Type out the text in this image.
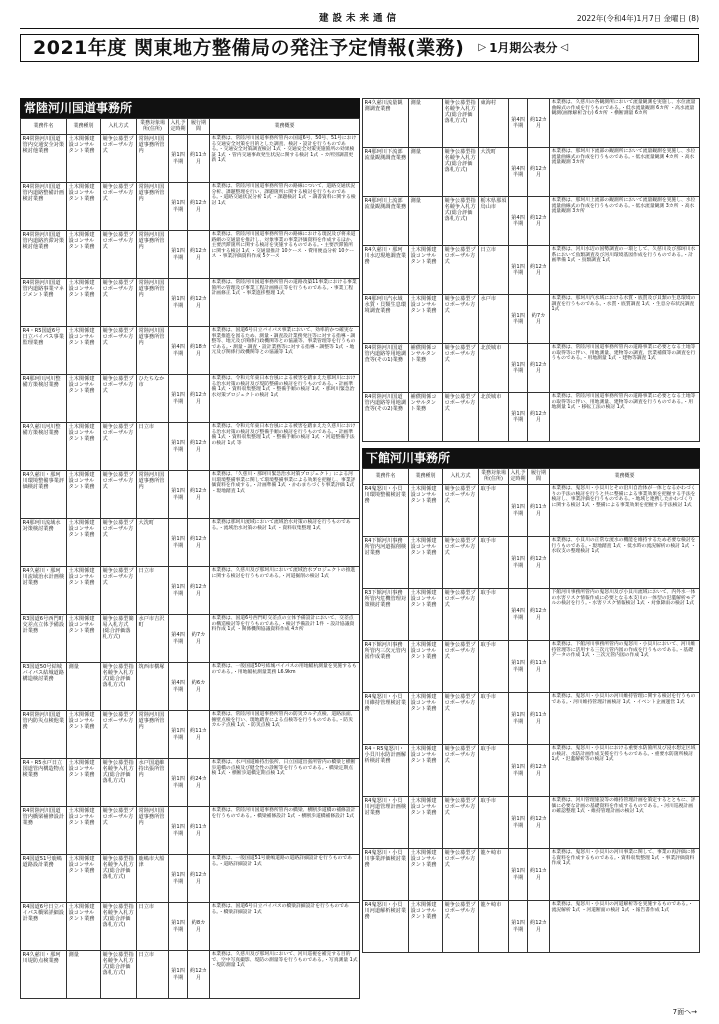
建設未来通信	2022年(令和4年)1月7日 金曜日 (8)
2021年度 関東地方整備局の発注予定情報(業務) ▷ 1月期公表分 ◁
常陸河川国道事務所
業務件名	業務種別	入札方式	業務対象場所(住所)	入札予定時期	履行期間	業務概要
R4常陸河川国道管内交通安全対策検討他業務	土木関係建設コンサルタント業務	競争公募型プロポーザル方式	常陸河川国道事務所管内	第1四半期	約11カ月	本業務は、常陸河川国道事務所管内の国道6号、50号、51号における交通安全対策を目的とした調査、検討・設計を行うものである。・交通安全対策調査検討 1式 ・交通安全対策実施箇所の効果検証 1式 ・管内交通事故発生状況に関する検討 1式 ・カ所別調書更新 1式
R4常陸河川国道管内道路整備計画検討業務	土木関係建設コンサルタント業務	競争公募型プロポーザル方式	常陸河川国道事務所管内	第1四半期	約12カ月	本業務は、常陸河川国道事務所管内の路線について、道路交通状況分析、課題整理を行い、課題箇所に関する検討を行うものである。・道路交通状況分析 1式 ・課題検討 1式 ・調書資料に関する検討 1式
R4常陸河川国道管内道路渋滞対策検討他業務	土木関係建設コンサルタント業務	競争公募型プロポーザル方式	常陸河川国道事務所管内	第1四半期	約12カ月	本業務は、常陸河川国道事務所管内の路線における現況及び将来道路網の交通量を推計し、対象事業の事業評価資料を作成するほか、主要渋滞箇所に関する検討を実施するものである。・主要渋滞箇所に関する検討 1式 ・交通量推計 10ケース ・費用便益分析 10ケース ・事業評価資料作成 5ケース
R4常陸河川国道管内道路事業マネジメント業務	土木関係建設コンサルタント業務	競争公募型プロポーザル方式	常陸河川国道事務所管内	第1四半期	約12カ月	本業務は、常陸河川国道事務所管内の道路改築11事業における事業箇所の管理及び事業工程計画修正等を行うものである。・事業工程計画修正 1式 ・事業進捗整理 1式
R4・R5国道6号日立バイパス事業監理業務	土木関係建設コンサルタント業務	競争公募型プロポーザル方式	常陸河川国道事務所管内	第4四半期	約18カ月	本業務は、国道6号日立バイパス事業において、効率的かつ確実な事業推進を図るため、測量・調査設計業務発注等に対する指導・調整等、地元及び関係行政機関等との協議等、事業管理等を行うものである。・測量・調査・設計業務等に対する指導・調整等 1式 ・地元及び関係行政機関等との協議等 1式
R4那珂川河川整備方策検討業務	土木関係建設コンサルタント業務	競争公募型プロポーザル方式	ひたちなか市	第1四半期	約12カ月	本業務は、令和元年東日本台風による被害を踏まえた那珂川における治水対策の検討及び堤防整備の検討を行うものである。・計画準備 1式 ・資料収集整理 1式 ・整備手順の検討 1式 ・那珂川緊急治水対策プロジェクトの検討 1式
R4久慈川河川整備方策検討業務	土木関係建設コンサルタント業務	競争公募型プロポーザル方式	日立市	第1四半期	約12カ月	本業務は、令和元年東日本台風による被害を踏まえた久慈川における治水対策の検討及び整備手順の検討を行うものである。・計画準備 1式 ・資料収集整理 1式 ・整備手順の検討 1式 ・河道整備手法の検討 1式 等
R4久慈川・那珂川環境整備事業評価検討業務	土木関係建設コンサルタント業務	競争公募型プロポーザル方式	常陸河川国道事務所管内	第1四半期	約12カ月	本業務は、「久慈川・那珂川緊急治水対策プロジェクト」による河川環境整備事業に関して環境整備事業による効果を把握し、事業評価資料を作成する。・計画準備 1式 ・かわまちづくり事業評価 1式 ・現地踏査 1式
R4那珂川流域水対策検討業務	土木関係建設コンサルタント業務	競争公募型プロポーザル方式	大洗町	第1四半期	約12カ月	本業務は那珂川流域において流域治水対策の検討を行うものである。・流域治水対策の検討 1式 ・資料収集整理 1式
R4久慈川・那珂川流域治水計画検討業務	土木関係建設コンサルタント業務	競争公募型プロポーザル方式	日立市	第1四半期	約12カ月	本業務は、久慈川及び那珂川において流域治水プロジェクトの推進に関する検討を行うものである。・河道掘削の検討 1式
R3国道6号西門町交差点立体予備設計業務	土木関係建設コンサルタント業務	競争公募型簡易入札方式(総合評価落札方式)	水戸市吉沢町	第4四半期	約7カ月	本業務は、国道6号西門町交差点の立体予備設計において、交差点の構造検討等を行うものである。・検討予備設計 1件 ・設計協議資料作成 1式 ・関係機関協議資料作成 4カ所
R3国道50号結城バイパス結城道路構造検討業務	測量	競争公募型指名競争入札方式(総合評価落札方式)	筑西市横塚	第4四半期	約6カ月	本業務は、一般国道50号結城バイパスの用地幅杭測量を実施するものである。・用地幅杭測量業務 L6.9km
R4常陸河川国道管内防災点検他業務	土木関係建設コンサルタント業務	競争公募型プロポーザル方式	常陸河川国道事務所管内	第1四半期	約11カ月	本業務は、常陸河川国道事務所管内の防災カルテ点検、道路法面、擁壁点検を行い、現地踏査による点検等を行うものである。・防災カルテ点検 1式 ・防災点検 1式
R4・R5水戸日立国道管内構造物点検業務	土木関係建設コンサルタント業務	競争公募型指名競争入札方式(総合評価落札方式)	水戸国道維持出張所管内	第1四半期	約24カ月	本業務は、水戸国道維持出張所、日立国道出張所管内の橋梁と横断歩道橋の点検及び健全性の診断等を行うものである。・橋梁定期点検 1式 ・横断歩道橋定期点検 1式
R4常陸河川国道管内橋梁補修設計業務	土木関係建設コンサルタント業務	競争公募型プロポーザル方式	常陸河川国道事務所管内	第1四半期	約11カ月	本業務は、常陸河川国道事務所管内の橋梁、横断歩道橋の補修設計を行うものである。・橋梁補修設計 1式 ・横断歩道橋補修設計 1式
R4国道51号鹿嶋道路設計業務	土木関係建設コンサルタント業務	競争公募型指名競争入札方式(総合評価落札方式)	鹿嶋市大船津	第1四半期	約12カ月	本業務は、一般国道51号鹿嶋道路の道路詳細設計を行うものである。・道路詳細設計 1式
R4国道6号日立バイパス橋梁詳細設計業務	土木関係建設コンサルタント業務	競争公募型指名競争入札方式(総合評価落札方式)	日立市	第1四半期	約8カ月	本業務は、国道6号日立バイパスの橋梁詳細設計を行うものである。・橋梁詳細設計 1式
R4久慈川・那珂川堤防点検業務	測量	競争公募型指名競争入札方式(総合評価落札方式)	日立市	第1四半期	約12カ月	本業務は、久慈川及び那珂川において、河川巡視を補完する目的で、空中写真撮影、堤防の測量等を行うものである。・写真測量 1式 ・堤防測量 1式
R4久慈川流量観測調査業務	測量	競争公募型指名競争入札方式(総合評価落札方式)	東海村	第4四半期	約12カ月	本業務は、久慈川の各観測所において流量観測を実施し、水位流量曲線式の作成を行うものである。・低水流量観測 6カ所 ・高水流量観測(画像解析含む) 6カ所 ・横断測量 6カ所
R4那珂川下流部流量観測調査業務	測量	競争公募型指名競争入札方式(総合評価落札方式)	大洗町	第4四半期	約12カ月	本業務は、那珂川下流部の観測所において流量観測を実施し、水位流量曲線式の作成を行うものである。・低水流量観測 4カ所 ・高水流量観測 3カ所
R4那珂川上流部流量観測調査業務	測量	競争公募型指名競争入札方式(総合評価落札方式)	栃木県那須烏山市	第4四半期	約12カ月	本業務は、那珂川上流部の観測所において流量観測を実施し、水位流量曲線式の作成を行うものである。・低水流量観測 3カ所 ・高水流量観測 3カ所
R4久慈川・那珂川水辺現地調査業務	土木関係建設コンサルタント業務	競争公募型プロポーザル方式	日立市	第1四半期	約12カ月	本業務は、河川水辺の国勢調査の一環として、久慈川及び那珂川水系において魚類調査及び河川環境基図作成を行うものである。・計画準備 1式 ・鳥類調査 1式
R4那珂川汽水域水質・貝類生息環境調査業務	土木関係建設コンサルタント業務	競争公募型プロポーザル方式	水戸市	第1四半期	約7カ月	本業務は、那珂川汽水域における水質・底質及び貝類の生息環境の調査を行うものである。・水質・底質調査 1式 ・生息分布状況調査 1式
R4常陸河川国道管内道路等用地調査等(その1)業務	補償関係コンサルタント業務	競争公募型プロポーザル方式	北茨城市	第1四半期	約12カ月	本業務は、常陸河川国道事務所管内の道路事業に必要となる土地等の取得等に伴い、用地測量、建物等の調査、営業補償等の調査を行うものである。・用地測量 1式 ・建物等調査 1式
R4常陸河川国道管内道路等用地調査等(その2)業務	補償関係コンサルタント業務	競争公募型プロポーザル方式	北茨城市	第1四半期	約12カ月	本業務は、常陸河川国道事務所管内の道路事業に必要となる土地等の取得等に伴い、用地測量、建物等の調査を行うものである。・用地測量 1式 ・移転工法の検討 1式
下館河川事務所
業務件名	業務種別	入札方式	業務対象場所(住所)	入札予定時期	履行期間	業務概要
R4鬼怒川・小貝川環境整備検討業務	土木関係建設コンサルタント業務	競争公募型プロポーザル方式	取手市	第1四半期	約11カ月	本業務は、鬼怒川・小貝川とその沿川自治体が一体となるかわづくりの手法の検討を行うと共に整備による事業効果を把握する手法を検討し、事業評価を行うものである。・地域と連携したかわづくりに関する検討 1式 ・整備による事業効果を把握する手法検討 1式
R4下館河川事務所管内河道掘削検討業務	土木関係建設コンサルタント業務	競争公募型プロポーザル方式	取手市	第1四半期	約12カ月	本業務は、小貝川の正常な流水の機能を維持するため必要な検討を行うものである。・現地踏査 1式 ・低水時の流況解析の検討 1式 ・水収支の整理検討 1式
R3下館河川事務所管内危機管理対策検討業務	土木関係建設コンサルタント業務	競争公募型プロポーザル方式	取手市	第4四半期	約12カ月	下館河川事務所管内の鬼怒川及び小貝川流域において、内外水一体の水害リスク情報作成に必要となる本支川の一体型の氾濫解析モデルの検討を行う。・水害リスク情報検討 1式 ・対象降雨の検討 1式
R4下館河川事務所管内三次元管内図作成業務	土木関係建設コンサルタント業務	競争公募型プロポーザル方式	取手市	第1四半期	約11カ月	本業務は、下館河川事務所管内の鬼怒川・小貝川において、河川維持管理等に活用する三次元管内図の作成を行うものである。・基礎データの作成 1式 ・三次元管内図の作成 1式
R4鬼怒川・小貝川維持管理検討業務	土木関係建設コンサルタント業務	競争公募型プロポーザル方式	取手市	第1四半期	約11カ月	本業務は、鬼怒川・小貝川の河川維持管理に関する検討を行うものである。・河川維持管理計画検討 1式 ・イベント企画運営 1式
R4・R5鬼怒川・小貝川水防計画解析検討業務	土木関係建設コンサルタント業務	競争公募型プロポーザル方式	取手市	第1四半期	約12カ月	本業務は、鬼怒川・小貝川における重要水防箇所及び浸水想定区域の検討、水防計画作成支援を行うものである。・重要水防箇所検討 1式 ・氾濫解析等の検討 1式
R4鬼怒川・小貝川河道管理計画検討業務	土木関係建設コンサルタント業務	競争公募型プロポーザル方式	取手市	第1四半期	約12カ月	本業務は、河川管理施設等の維持管理計画を策定するとともに、評価に必要な計画の基礎資料を作成するものである。・河川巡視計画の確認整理 1式 ・維持管理計画の検討 1式
R4鬼怒川・小貝川事業評価検討業務	土木関係建設コンサルタント業務	競争公募型プロポーザル方式	龍ケ崎市	第1四半期	約11カ月	本業務は、鬼怒川・小貝川の河川事業に関して、事業の再評価に係る資料を作成するものである。・資料収集整理 1式 ・事業評価資料作成 1式
R4鬼怒川・小貝川河道解析検討業務	土木関係建設コンサルタント業務	競争公募型プロポーザル方式	龍ケ崎市	第1四半期	約12カ月	本業務は、鬼怒川・小貝川の河道解析等を実施するものである。・流況解析 1式 ・河道断面の検討 1式 ・報告書作成 1式
7面へ→
